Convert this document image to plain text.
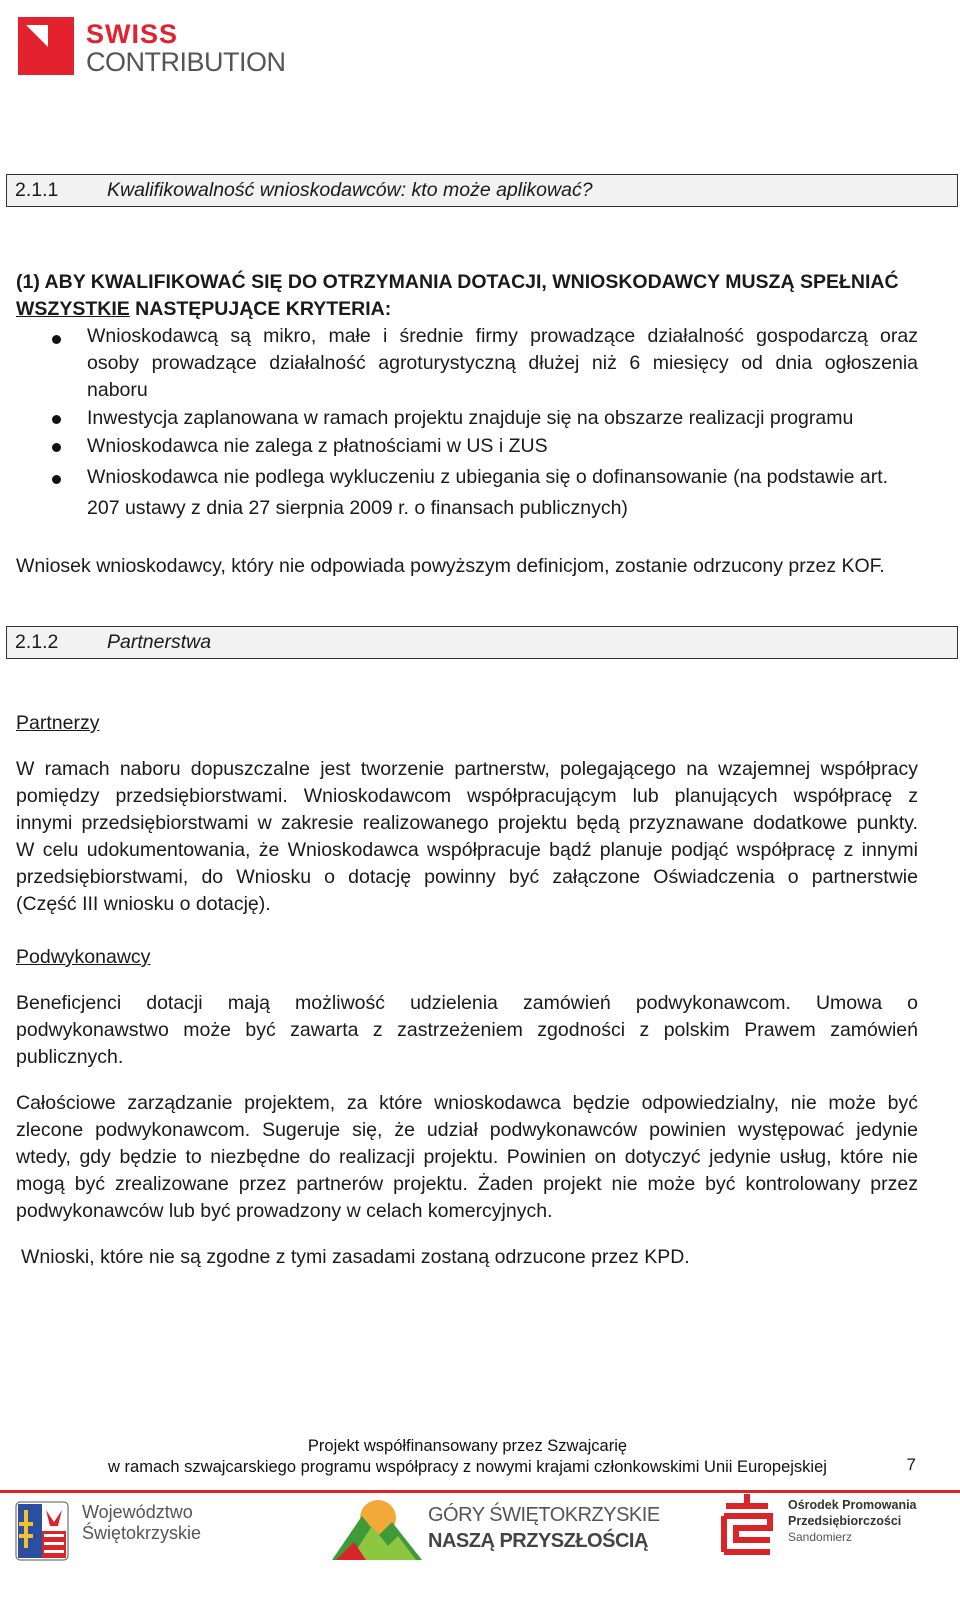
SWISS
CONTRIBUTION
2.1.1 Kwalifikowalność wnioskodawców: kto może aplikować?
(1) ABY KWALIFIKOWAĆ SIĘ DO OTRZYMANIA DOTACJI, WNIOSKODAWCY MUSZĄ SPEŁNIAĆ
WSZYSTKIE NASTĘPUJĄCE KRYTERIA:
Wnioskodawcą są mikro, małe i średnie firmy prowadzące działalność gospodarczą oraz
osoby prowadzące działalność agroturystyczną dłużej niż 6 miesięcy od dnia ogłoszenia
naboru
Inwestycja zaplanowana w ramach projektu znajduje się na obszarze realizacji programu
Wnioskodawca nie zalega z płatnościami w US i ZUS
Wnioskodawca nie podlega wykluczeniu z ubiegania się o dofinansowanie (na podstawie art.
207 ustawy z dnia 27 sierpnia 2009 r. o finansach publicznych)
Wniosek wnioskodawcy, który nie odpowiada powyższym definicjom, zostanie odrzucony przez KOF.
2.1.2 Partnerstwa
Partnerzy
W ramach naboru dopuszczalne jest tworzenie partnerstw, polegającego na wzajemnej współpracy
pomiędzy przedsiębiorstwami. Wnioskodawcom współpracującym lub planujących współpracę z
innymi przedsiębiorstwami w zakresie realizowanego projektu będą przyznawane dodatkowe punkty.
W celu udokumentowania, że Wnioskodawca współpracuje bądź planuje podjąć współpracę z innymi
przedsiębiorstwami, do Wniosku o dotację powinny być załączone Oświadczenia o partnerstwie
(Część III wniosku o dotację).
Podwykonawcy
Beneficjenci dotacji mają możliwość udzielenia zamówień podwykonawcom. Umowa o
podwykonawstwo może być zawarta z zastrzeżeniem zgodności z polskim Prawem zamówień
publicznych.
Całościowe zarządzanie projektem, za które wnioskodawca będzie odpowiedzialny, nie może być
zlecone podwykonawcom. Sugeruje się, że udział podwykonawców powinien występować jedynie
wtedy, gdy będzie to niezbędne do realizacji projektu. Powinien on dotyczyć jedynie usług, które nie
mogą być zrealizowane przez partnerów projektu. Żaden projekt nie może być kontrolowany przez
podwykonawców lub być prowadzony w celach komercyjnych.
Wnioski, które nie są zgodne z tymi zasadami zostaną odrzucone przez KPD.
7
Projekt współfinansowany przez Szwajcarię
w ramach szwajcarskiego programu współpracy z nowymi krajami członkowskimi Unii Europejskiej
Województwo
Świętokrzyskie
GÓRY ŚWIĘTOKRZYSKIE
NASZĄ PRZYSZŁOŚCIĄ
Ośrodek Promowania
Przedsiębiorczości
Sandomierz
